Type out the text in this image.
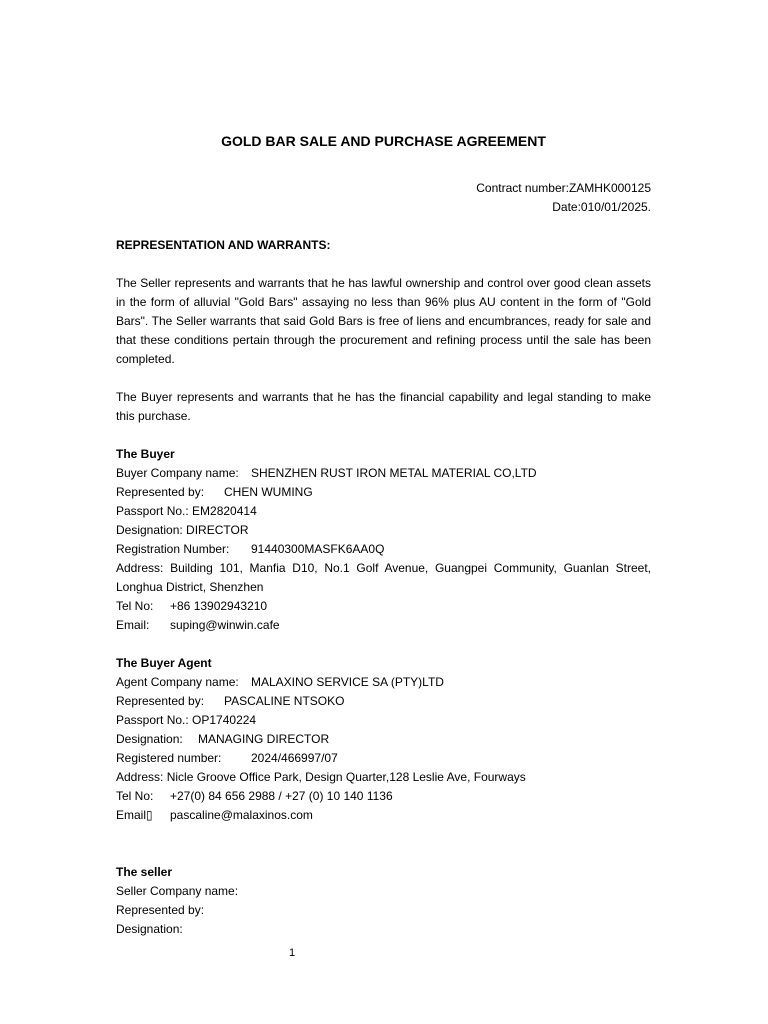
GOLD BAR SALE AND PURCHASE AGREEMENT

Contract number:ZAMHK000125
Date:010/01/2025.
REPRESENTATION AND WARRANTS:

The Seller represents and warrants that he has lawful ownership and control over good clean assets in the form of alluvial "Gold Bars" assaying no less than 96% plus AU content in the form of "Gold Bars". The Seller warrants that said Gold Bars is free of liens and encumbrances, ready for sale and that these conditions pertain through the procurement and refining process until the sale has been completed.

The Buyer represents and warrants that he has the financial capability and legal standing to make this purchase.

The Buyer
Buyer Company name: SHENZHEN RUST IRON METAL MATERIAL CO,LTD
Represented by: CHEN WUMING
Passport No.: EM2820414
Designation: DIRECTOR
Registration Number: 91440300MASFK6AA0Q

Address: Building 101, Manfia D10, No.1 Golf Avenue, Guangpei Community, Guanlan Street, Longhua District, Shenzhen

Tel No: +86 13902943210
Email: suping@winwin.cafe
The Buyer Agent
Agent Company name: MALAXINO SERVICE SA (PTY)LTD
Represented by: PASCALINE NTSOKO
Passport No.: OP1740224
Designation: MANAGING DIRECTOR
Registered number: 2024/466997/07
Address: Nicle Groove Office Park, Design Quarter,128 Leslie Ave, Fourways
Tel No: +27(0) 84 656 2988 / +27 (0) 10 140 1136
Email▯ pascaline@malaxinos.com
The seller
Seller Company name:
Represented by:
Designation:
1
